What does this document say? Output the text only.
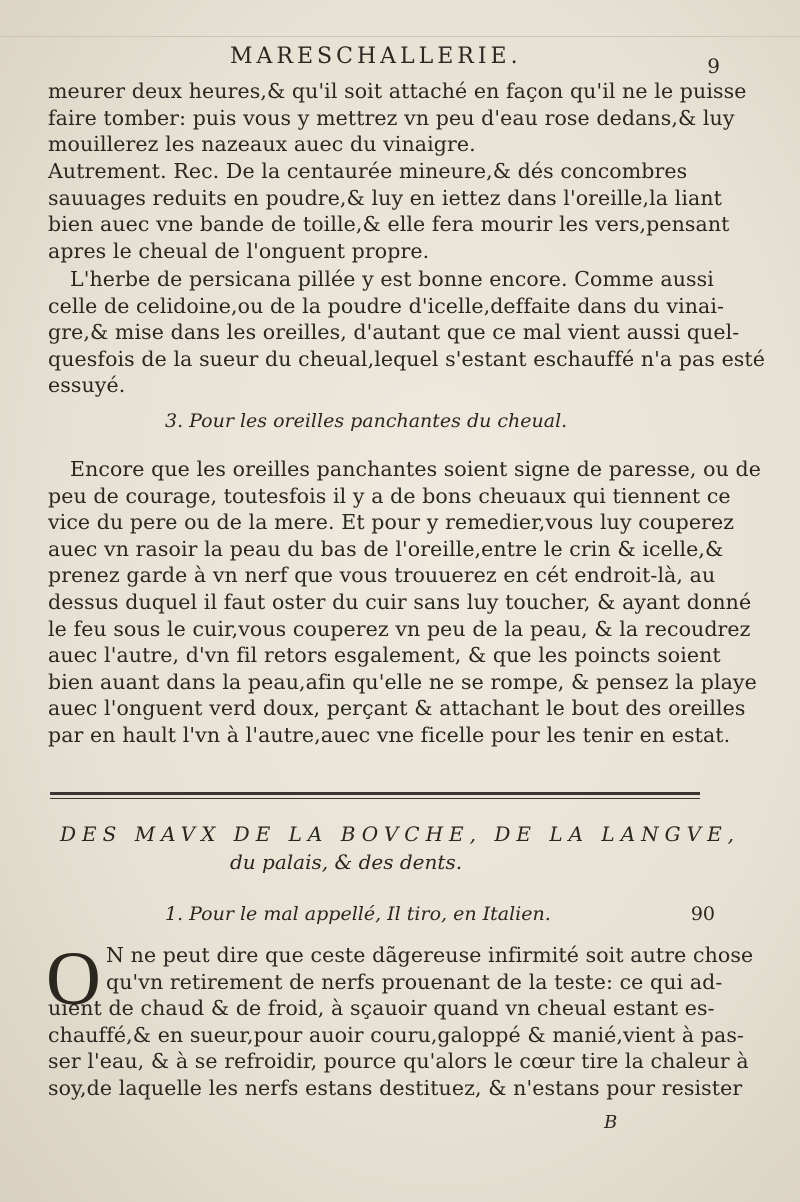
MARESCHALLERIE.	9
meurer deux heures,& qu'il soit attaché en façon qu'il ne le puisse
faire tomber: puis vous y mettrez vn peu d'eau rose dedans,& luy
mouillerez les nazeaux auec du vinaigre.
Autrement. Rec. De la centaurée mineure,& dés concombres
sauuages reduits en poudre,& luy en iettez dans l'oreille,la liant
bien auec vne bande de toille,& elle fera mourir les vers,pensant
apres le cheual de l'onguent propre.
L'herbe de persicana pillée y est bonne encore. Comme aussi
celle de celidoine,ou de la poudre d'icelle,deffaite dans du vinai-
gre,& mise dans les oreilles, d'autant que ce mal vient aussi quel-
quesfois de la sueur du cheual,lequel s'estant eschauffé n'a pas esté
essuyé.
3. Pour les oreilles panchantes du cheual.
Encore que les oreilles panchantes soient signe de paresse, ou de
peu de courage, toutesfois il y a de bons cheuaux qui tiennent ce
vice du pere ou de la mere. Et pour y remedier,vous luy couperez
auec vn rasoir la peau du bas de l'oreille,entre le crin & icelle,&
prenez garde à vn nerf que vous trouuerez en cét endroit-là, au
dessus duquel il faut oster du cuir sans luy toucher, & ayant donné
le feu sous le cuir,vous couperez vn peu de la peau, & la recoudrez
auec l'autre, d'vn fil retors esgalement, & que les poincts soient
bien auant dans la peau,afin qu'elle ne se rompe, & pensez la playe
auec l'onguent verd doux, perçant & attachant le bout des oreilles
par en hault l'vn à l'autre,auec vne ficelle pour les tenir en estat.
DES MAVX DE LA BOVCHE, DE LA LANGVE,
du palais, & des dents.
1. Pour le mal appellé, Il tiro, en Italien.	90
O N ne peut dire que ceste dãgereuse infirmité soit autre chose
qu'vn retirement de nerfs prouenant de la teste: ce qui ad-
uient de chaud & de froid, à sçauoir quand vn cheual estant es-
chauffé,& en sueur,pour auoir couru,galoppé & manié,vient à pas-
ser l'eau, & à se refroidir, pource qu'alors le cœur tire la chaleur à
soy,de laquelle les nerfs estans destituez, & n'estans pour resister
B
